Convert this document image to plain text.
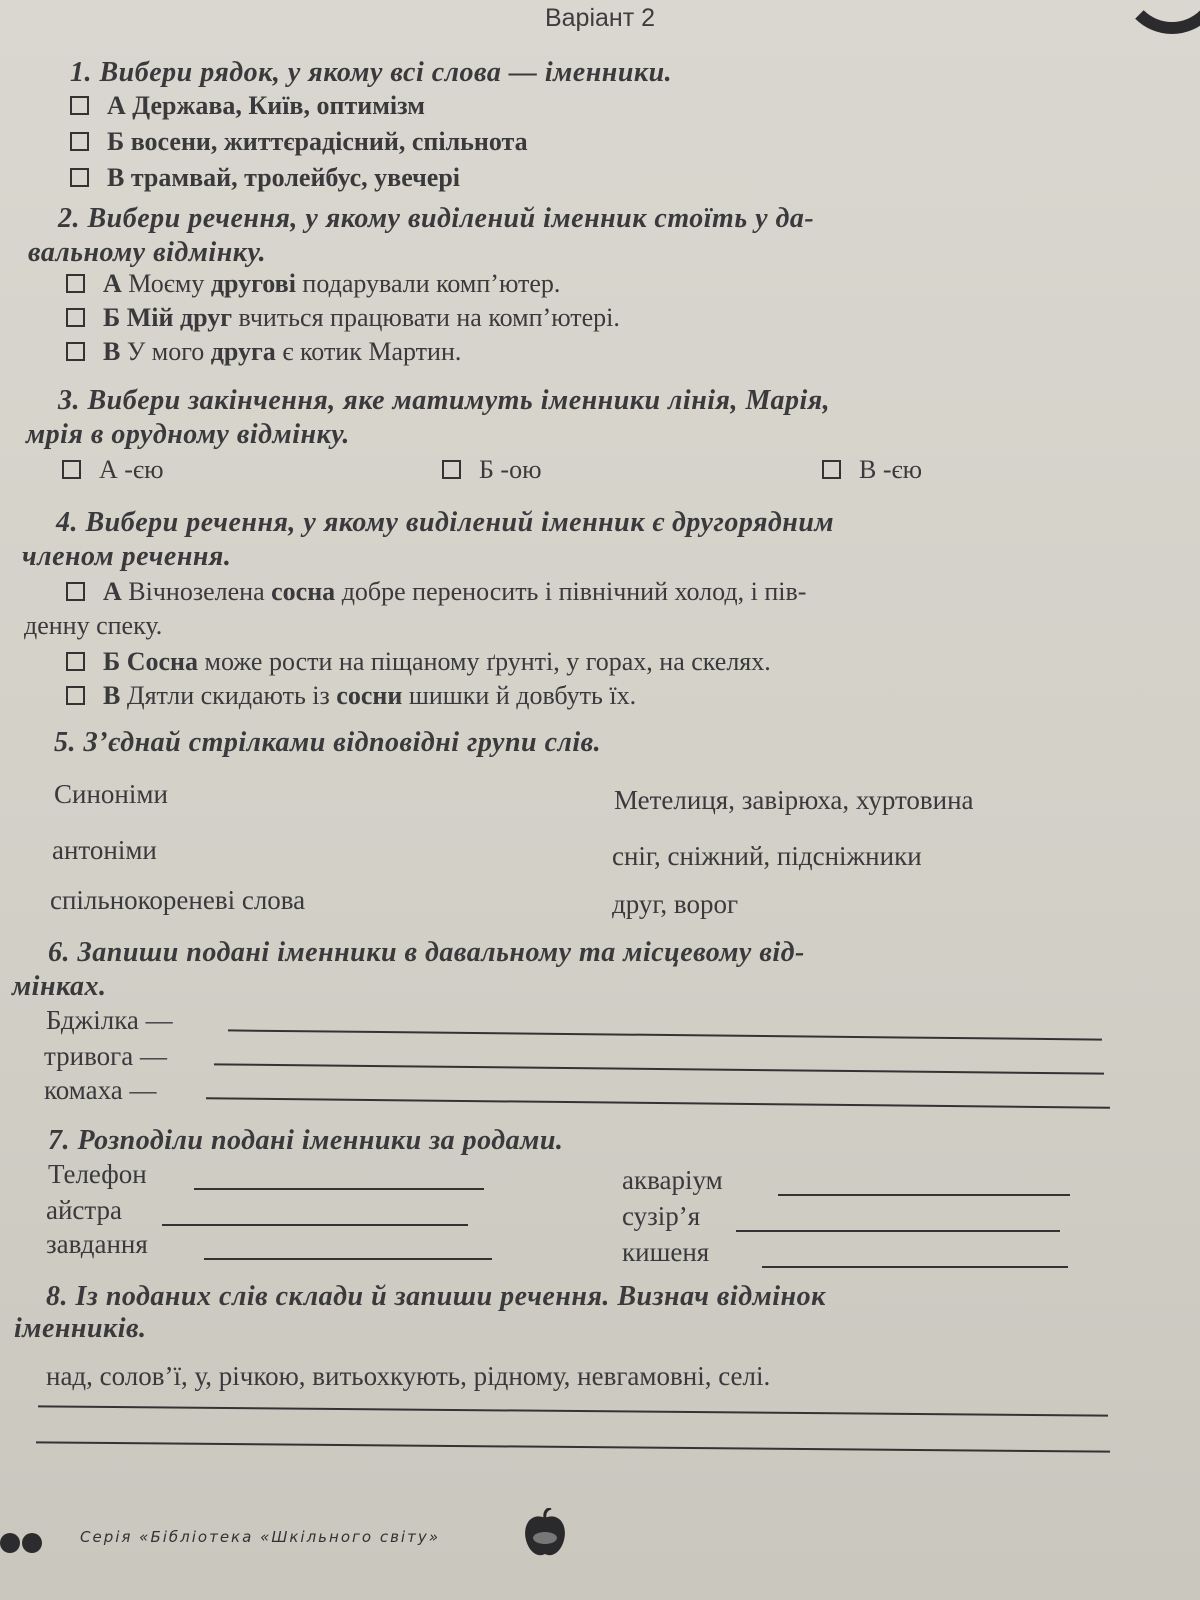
Варіант 2
1. Вибери рядок, у якому всі слова — іменники.
А Держава, Київ, оптимізм
Б восени, життєрадісний, спільнота
В трамвай, тролейбус, увечері
2. Вибери речення, у якому виділений іменник стоїть у да-
вальному відмінку.
А Моєму другові подарували комп’ютер.
Б Мій друг вчиться працювати на комп’ютері.
В У мого друга є котик Мартин.
3. Вибери закінчення, яке матимуть іменники лінія, Марія,
мрія в орудному відмінку.
А -єю	Б -ою	В -єю
4. Вибери речення, у якому виділений іменник є другорядним
членом речення.
А Вічнозелена сосна добре переносить і північний холод, і пів-
денну спеку.
Б Сосна може рости на піщаному ґрунті, у горах, на скелях.
В Дятли скидають із сосни шишки й довбуть їх.
5. З’єднай стрілками відповідні групи слів.
Синоніми
антоніми
спільнокореневі слова
Метелиця, завірюха, хуртовина
сніг, сніжний, підсніжники
друг, ворог
6. Запиши подані іменники в давальному та місцевому від-
мінках.
Бджілка —
тривога —
комаха —
7. Розподіли подані іменники за родами.
Телефон
айстра
завдання
акваріум
сузір’я
кишеня
8. Із поданих слів склади й запиши речення. Визнач відмінок
іменників.
над, солов’ї, у, річкою, витьохкують, рідному, невгамовні, селі.
Серія «Бібліотека «Шкільного світу»
